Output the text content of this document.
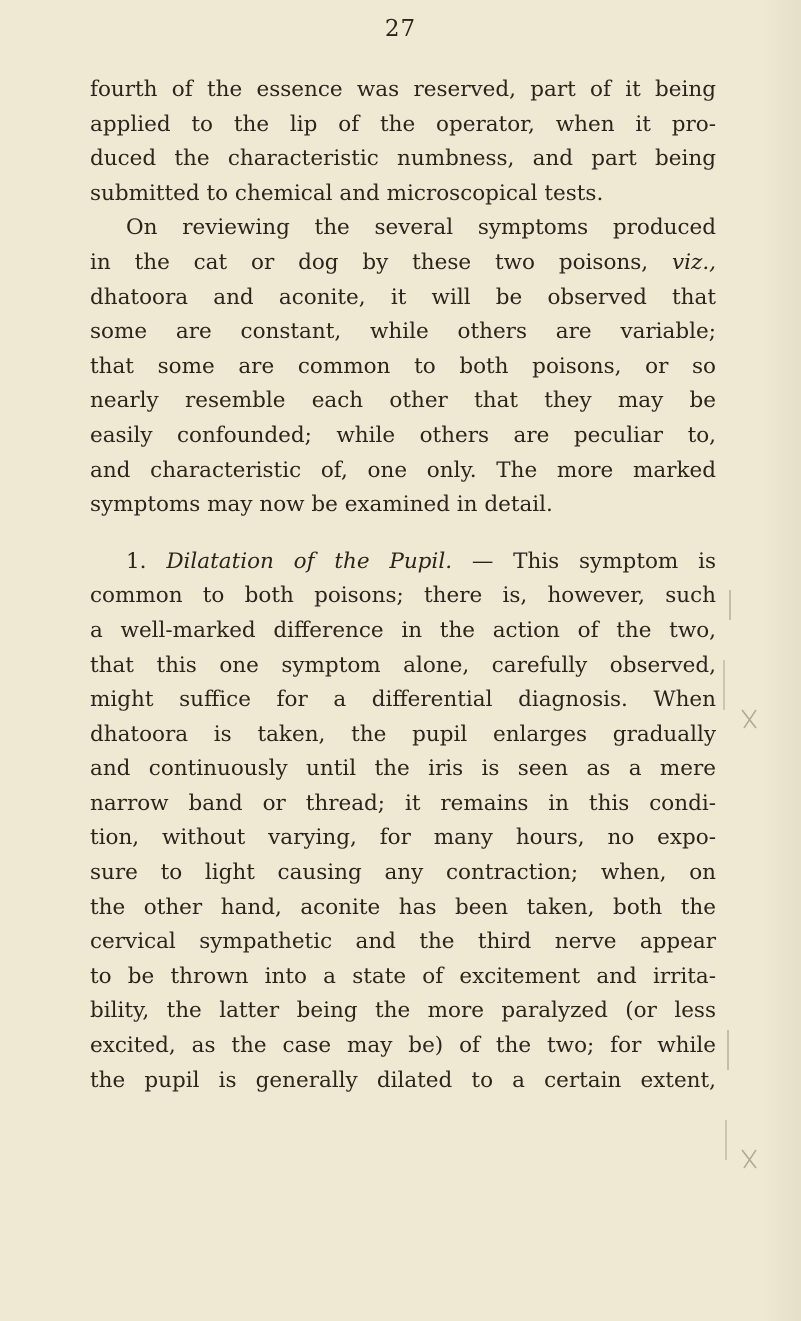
27
fourth of the essence was reserved, part of it being
applied to the lip of the operator, when it pro-
duced the characteristic numbness, and part being
submitted to chemical and microscopical tests.
On reviewing the several symptoms produced
in the cat or dog by these two poisons, viz.,
dhatoora and aconite, it will be observed that
some are constant, while others are variable;
that some are common to both poisons, or so
nearly resemble each other that they may be
easily confounded; while others are peculiar to,
and characteristic of, one only. The more marked
symptoms may now be examined in detail.
1. Dilatation of the Pupil. — This symptom is
common to both poisons; there is, however, such
a well-marked difference in the action of the two,
that this one symptom alone, carefully observed,
might suffice for a differential diagnosis. When
dhatoora is taken, the pupil enlarges gradually
and continuously until the iris is seen as a mere
narrow band or thread; it remains in this condi-
tion, without varying, for many hours, no expo-
sure to light causing any contraction; when, on
the other hand, aconite has been taken, both the
cervical sympathetic and the third nerve appear
to be thrown into a state of excitement and irrita-
bility, the latter being the more paralyzed (or less
excited, as the case may be) of the two; for while
the pupil is generally dilated to a certain extent,
